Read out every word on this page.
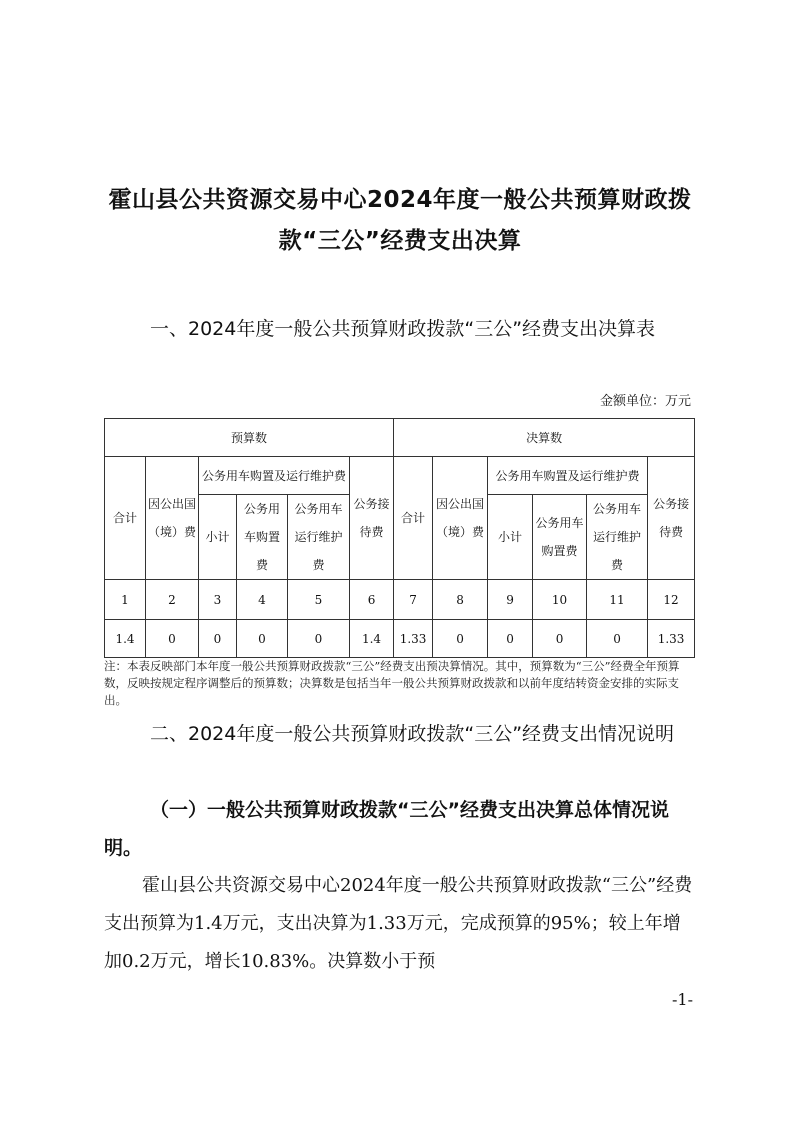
霍山县公共资源交易中心2024年度一般公共预算财政拨款“三公”经费支出决算
一、2024年度一般公共预算财政拨款“三公”经费支出决算表
金额单位：万元
预算数						决算数					
合计	因公出国（境）费	公务用车购置及运行维护费			公务接待费	合计	因公出国（境）费	公务用车购置及运行维护费			公务接待费
		小计	公务用车购置费	公务用车运行维护费				小计	公务用车购置费	公务用车运行维护费	
1	2	3	4	5	6	7	8	9	10	11	12
1.4	0	0	0	0	1.4	1.33	0	0	0	0	1.33
注：本表反映部门本年度一般公共预算财政拨款“三公”经费支出预决算情况。其中，预算数为“三公”经费全年预算数，反映按规定程序调整后的预算数；决算数是包括当年一般公共预算财政拨款和以前年度结转资金安排的实际支出。
二、2024年度一般公共预算财政拨款“三公”经费支出情况说明
（一）一般公共预算财政拨款“三公”经费支出决算总体情况说明。
霍山县公共资源交易中心2024年度一般公共预算财政拨款“三公”经费支出预算为1.4万元，支出决算为1.33万元，完成预算的95%；较上年增加0.2万元，增长10.83%。决算数小于预
-1-
